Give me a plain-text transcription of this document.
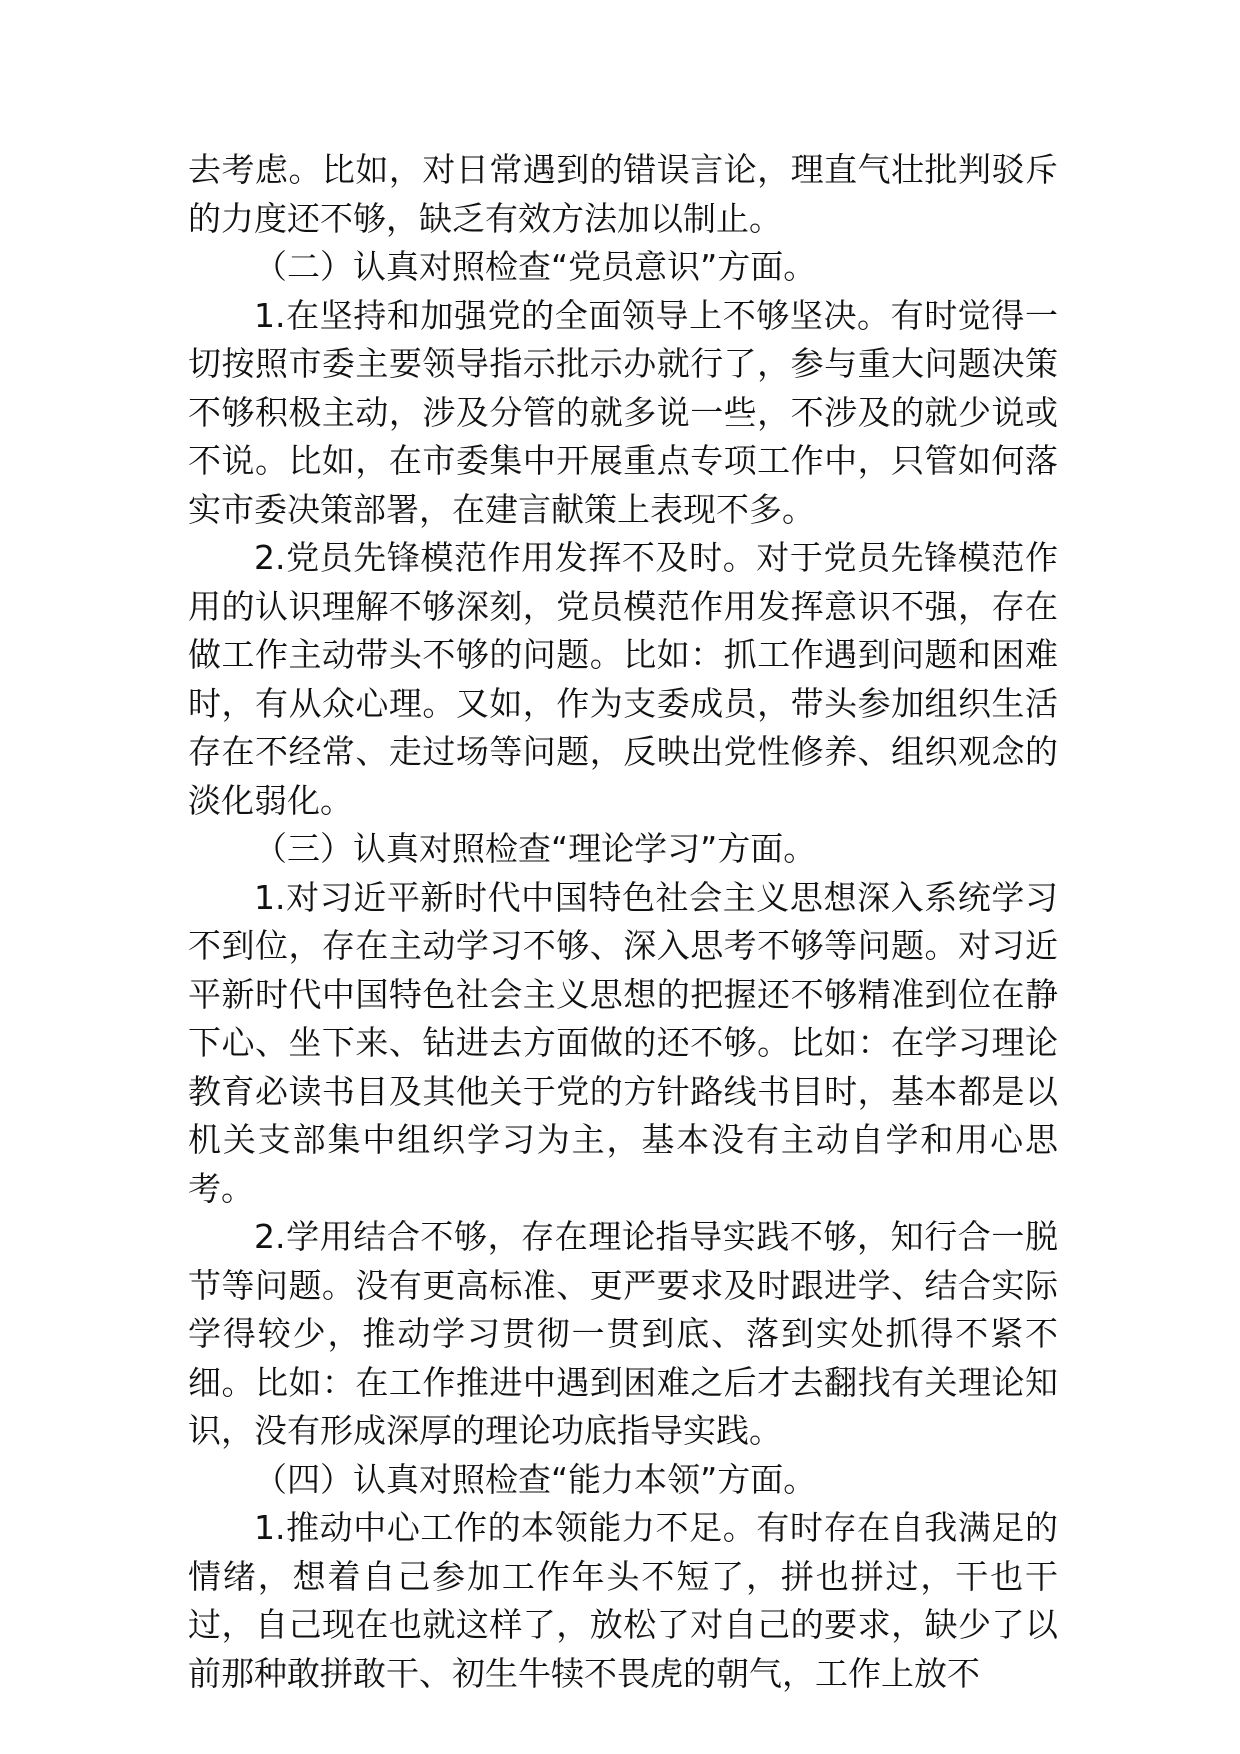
去考虑。比如，对日常遇到的错误言论，理直气壮批判驳斥的力度还不够，缺乏有效方法加以制止。

（二）认真对照检查“党员意识”方面。

1.在坚持和加强党的全面领导上不够坚决。有时觉得一切按照市委主要领导指示批示办就行了，参与重大问题决策不够积极主动，涉及分管的就多说一些，不涉及的就少说或不说。比如，在市委集中开展重点专项工作中，只管如何落实市委决策部署，在建言献策上表现不多。

2.党员先锋模范作用发挥不及时。对于党员先锋模范作用的认识理解不够深刻，党员模范作用发挥意识不强，存在做工作主动带头不够的问题。比如：抓工作遇到问题和困难时，有从众心理。又如，作为支委成员，带头参加组织生活存在不经常、走过场等问题，反映出党性修养、组织观念的淡化弱化。

（三）认真对照检查“理论学习”方面。

1.对习近平新时代中国特色社会主义思想深入系统学习不到位，存在主动学习不够、深入思考不够等问题。对习近平新时代中国特色社会主义思想的把握还不够精准到位在静下心、坐下来、钻进去方面做的还不够。比如：在学习理论教育必读书目及其他关于党的方针路线书目时，基本都是以机关支部集中组织学习为主，基本没有主动自学和用心思考。

2.学用结合不够，存在理论指导实践不够，知行合一脱节等问题。没有更高标准、更严要求及时跟进学、结合实际学得较少，推动学习贯彻一贯到底、落到实处抓得不紧不细。比如：在工作推进中遇到困难之后才去翻找有关理论知识，没有形成深厚的理论功底指导实践。

（四）认真对照检查“能力本领”方面。

1.推动中心工作的本领能力不足。有时存在自我满足的情绪，想着自己参加工作年头不短了，拼也拼过，干也干过，自己现在也就这样了，放松了对自己的要求，缺少了以前那种敢拼敢干、初生牛犊不畏虎的朝气，工作上放不
